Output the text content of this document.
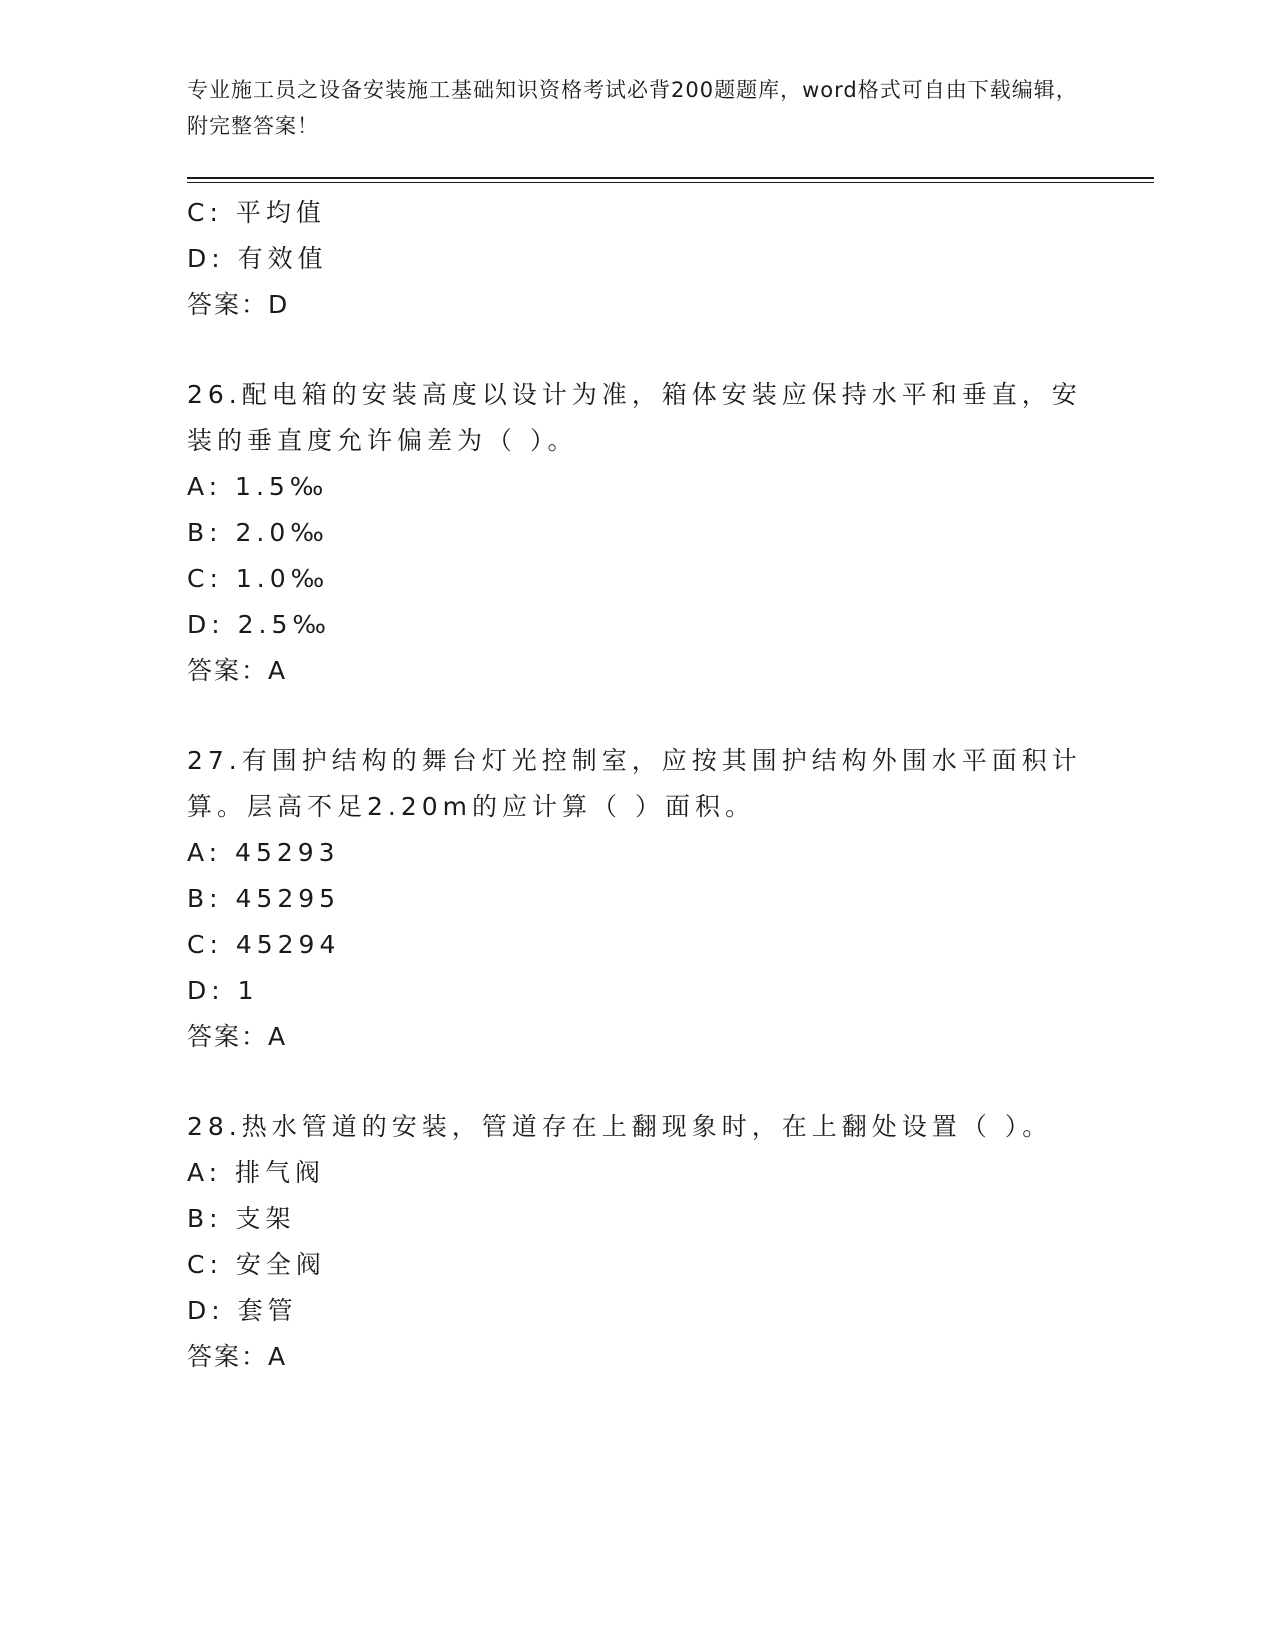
专业施工员之设备安装施工基础知识资格考试必背200题题库，word格式可自由下载编辑，附完整答案！
C: 平均值
D: 有效值
答案：D
26.配电箱的安装高度以设计为准，箱体安装应保持水平和垂直，安装的垂直度允许偏差为（ ）。
A: 1.5‰
B: 2.0‰
C: 1.0‰
D: 2.5‰
答案：A
27.有围护结构的舞台灯光控制室，应按其围护结构外围水平面积计算。层高不足2.20m的应计算（ ）面积。
A: 45293
B: 45295
C: 45294
D: 1
答案：A
28.热水管道的安装，管道存在上翻现象时，在上翻处设置（ ）。
A: 排气阀
B: 支架
C: 安全阀
D: 套管
答案：A
